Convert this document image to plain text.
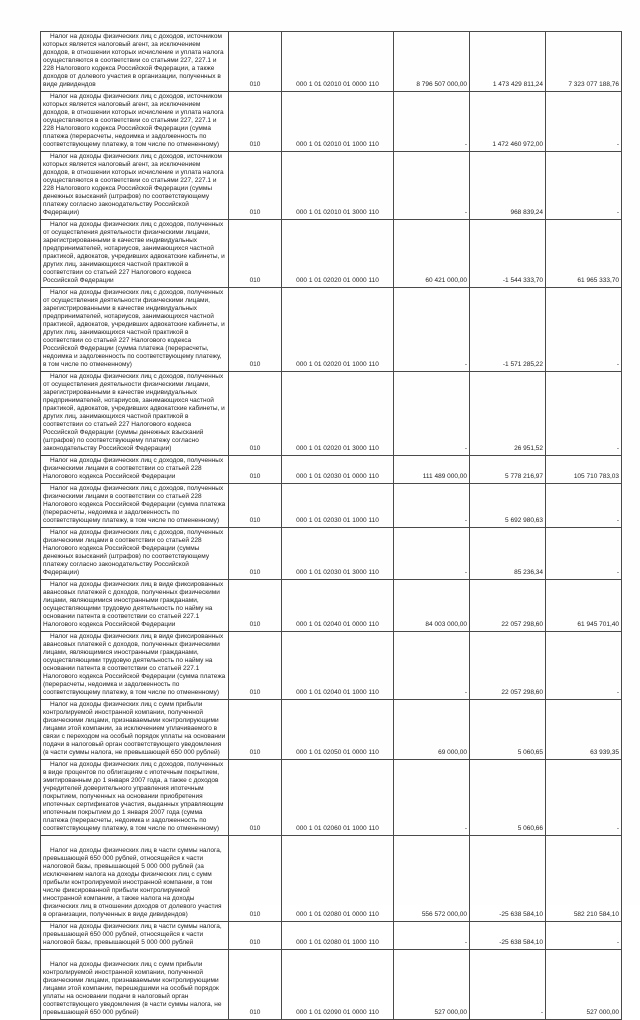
Налог на доходы физических лиц с доходов, источником которых является налоговый агент, за исключением доходов, в отношении которых исчисление и уплата налога осуществляются в соответствии со статьями 227, 227.1 и 228 Налогового кодекса Российской Федерации, а также доходов от долевого участия в организации, полученных в виде дивидендов	010	000 1 01 02010 01 0000 110	8 796 507 000,00	1 473 429 811,24	7 323 077 188,76
Налог на доходы физических лиц с доходов, источником которых является налоговый агент, за исключением доходов, в отношении которых исчисление и уплата налога осуществляются в соответствии со статьями 227, 227.1 и 228 Налогового кодекса Российской Федерации (сумма платежа (перерасчеты, недоимка и задолженность по соответствующему платежу, в том числе по отмененному)	010	000 1 01 02010 01 1000 110	-	1 472 460 972,00	-
Налог на доходы физических лиц с доходов, источником которых является налоговый агент, за исключением доходов, в отношении которых исчисление и уплата налога осуществляются в соответствии со статьями 227, 227.1 и 228 Налогового кодекса Российской Федерации (суммы денежных взысканий (штрафов) по соответствующему платежу согласно законодательству Российской Федерации)	010	000 1 01 02010 01 3000 110	-	968 839,24	-
Налог на доходы физических лиц с доходов, полученных от осуществления деятельности физическими лицами, зарегистрированными в качестве индивидуальных предпринимателей, нотариусов, занимающихся частной практикой, адвокатов, учредивших адвокатские кабинеты, и других лиц, занимающихся частной практикой в соответствии со статьей 227 Налогового кодекса Российской Федерации	010	000 1 01 02020 01 0000 110	60 421 000,00	-1 544 333,70	61 965 333,70
Налог на доходы физических лиц с доходов, полученных от осуществления деятельности физическими лицами, зарегистрированными в качестве индивидуальных предпринимателей, нотариусов, занимающихся частной практикой, адвокатов, учредивших адвокатские кабинеты, и других лиц, занимающихся частной практикой в соответствии со статьей 227 Налогового кодекса Российской Федерации (сумма платежа (перерасчеты, недоимка и задолженность по соответствующему платежу, в том числе по отмененному)	010	000 1 01 02020 01 1000 110	-	-1 571 285,22	-
Налог на доходы физических лиц с доходов, полученных от осуществления деятельности физическими лицами, зарегистрированными в качестве индивидуальных предпринимателей, нотариусов, занимающихся частной практикой, адвокатов, учредивших адвокатские кабинеты, и других лиц, занимающихся частной практикой в соответствии со статьей 227 Налогового кодекса Российской Федерации (суммы денежных взысканий (штрафов) по соответствующему платежу согласно законодательству Российской Федерации)	010	000 1 01 02020 01 3000 110	-	26 951,52	-
Налог на доходы физических лиц с доходов, полученных физическими лицами в соответствии со статьей 228 Налогового кодекса Российской Федерации	010	000 1 01 02030 01 0000 110	111 489 000,00	5 778 216,97	105 710 783,03
Налог на доходы физических лиц с доходов, полученных физическими лицами в соответствии со статьей 228 Налогового кодекса Российской Федерации (сумма платежа (перерасчеты, недоимка и задолженность по соответствующему платежу, в том числе по отмененному)	010	000 1 01 02030 01 1000 110	-	5 692 980,63	-
Налог на доходы физических лиц с доходов, полученных физическими лицами в соответствии со статьей 228 Налогового кодекса Российской Федерации (суммы денежных взысканий (штрафов) по соответствующему платежу согласно законодательству Российской Федерации)	010	000 1 01 02030 01 3000 110	-	85 236,34	-
Налог на доходы физических лиц в виде фиксированных авансовых платежей с доходов, полученных физическими лицами, являющимися иностранными гражданами, осуществляющими трудовую деятельность по найму на основании патента в соответствии со статьей 227.1 Налогового кодекса Российской Федерации	010	000 1 01 02040 01 0000 110	84 003 000,00	22 057 298,60	61 945 701,40
Налог на доходы физических лиц в виде фиксированных авансовых платежей с доходов, полученных физическими лицами, являющимися иностранными гражданами, осуществляющими трудовую деятельность по найму на основании патента в соответствии со статьей 227.1 Налогового кодекса Российской Федерации (сумма платежа (перерасчеты, недоимка и задолженность по соответствующему платежу, в том числе по отмененному)	010	000 1 01 02040 01 1000 110	-	22 057 298,60	-
Налог на доходы физических лиц с сумм прибыли контролируемой иностранной компании, полученной физическими лицами, признаваемыми контролирующими лицами этой компании, за исключением уплачиваемого в связи с переходом на особый порядок уплаты на основании подачи в налоговый орган соответствующего уведомления (в части суммы налога, не превышающей 650 000 рублей)	010	000 1 01 02050 01 0000 110	69 000,00	5 060,65	63 939,35
Налог на доходы физических лиц с доходов, полученных в виде процентов по облигациям с ипотечным покрытием, эмитированным до 1 января 2007 года, а также с доходов учредителей доверительного управления ипотечным покрытием, полученных на основании приобретения ипотечных сертификатов участия, выданных управляющим ипотечным покрытием до 1 января 2007 года (сумма платежа (перерасчеты, недоимка и задолженность по соответствующему платежу, в том числе по отмененному)	010	000 1 01 02060 01 1000 110	-	5 060,66	-
Налог на доходы физических лиц в части суммы налога, превышающей 650 000 рублей, относящейся к части налоговой базы, превышающей 5 000 000 рублей (за исключением налога на доходы физических лиц с сумм прибыли контролируемой иностранной компании, в том числе фиксированной прибыли контролируемой иностранной компании, а также налога на доходы физических лиц в отношении доходов от долевого участия в организации, полученных в виде дивидендов)	010	000 1 01 02080 01 0000 110	556 572 000,00	-25 638 584,10	582 210 584,10
Налог на доходы физических лиц в части суммы налога, превышающей 650 000 рублей, относящейся к части налоговой базы, превышающей 5 000 000 рублей	010	000 1 01 02080 01 1000 110	-	-25 638 584,10	-
Налог на доходы физических лиц с сумм прибыли контролируемой иностранной компании, полученной физическими лицами, признаваемыми контролирующими лицами этой компании, перешедшими на особый порядок уплаты на основании подачи в налоговый орган соответствующего уведомления (в части суммы налога, не превышающей 650 000 рублей)	010	000 1 01 02090 01 0000 110	527 000,00	-	527 000,00
